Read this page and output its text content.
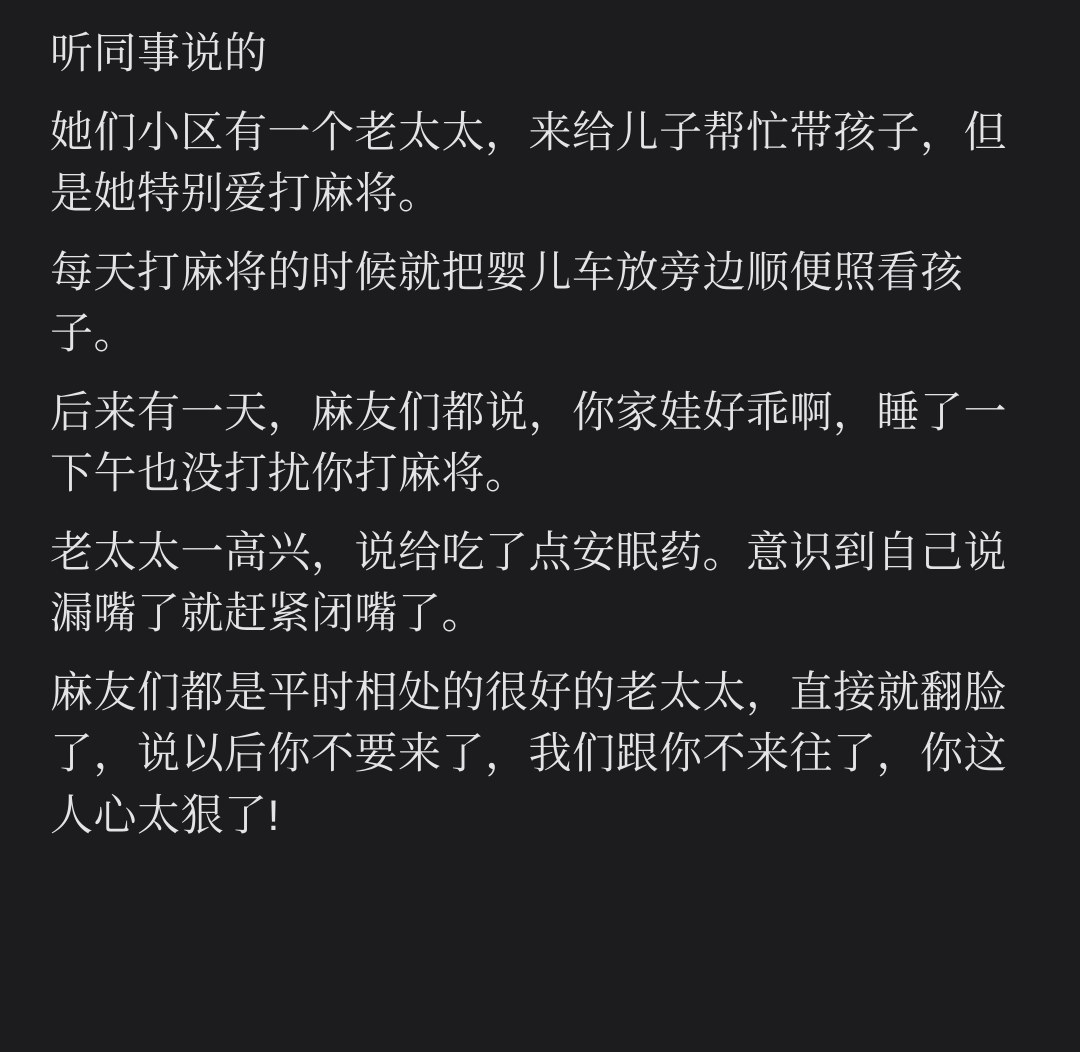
听同事说的

她们小区有一个老太太，来给儿子帮忙带孩子，但是她特别爱打麻将。

每天打麻将的时候就把婴儿车放旁边顺便照看孩子。

后来有一天，麻友们都说，你家娃好乖啊，睡了一下午也没打扰你打麻将。

老太太一高兴，说给吃了点安眠药。意识到自己说漏嘴了就赶紧闭嘴了。

麻友们都是平时相处的很好的老太太，直接就翻脸了，说以后你不要来了，我们跟你不来往了，你这人心太狠了!
